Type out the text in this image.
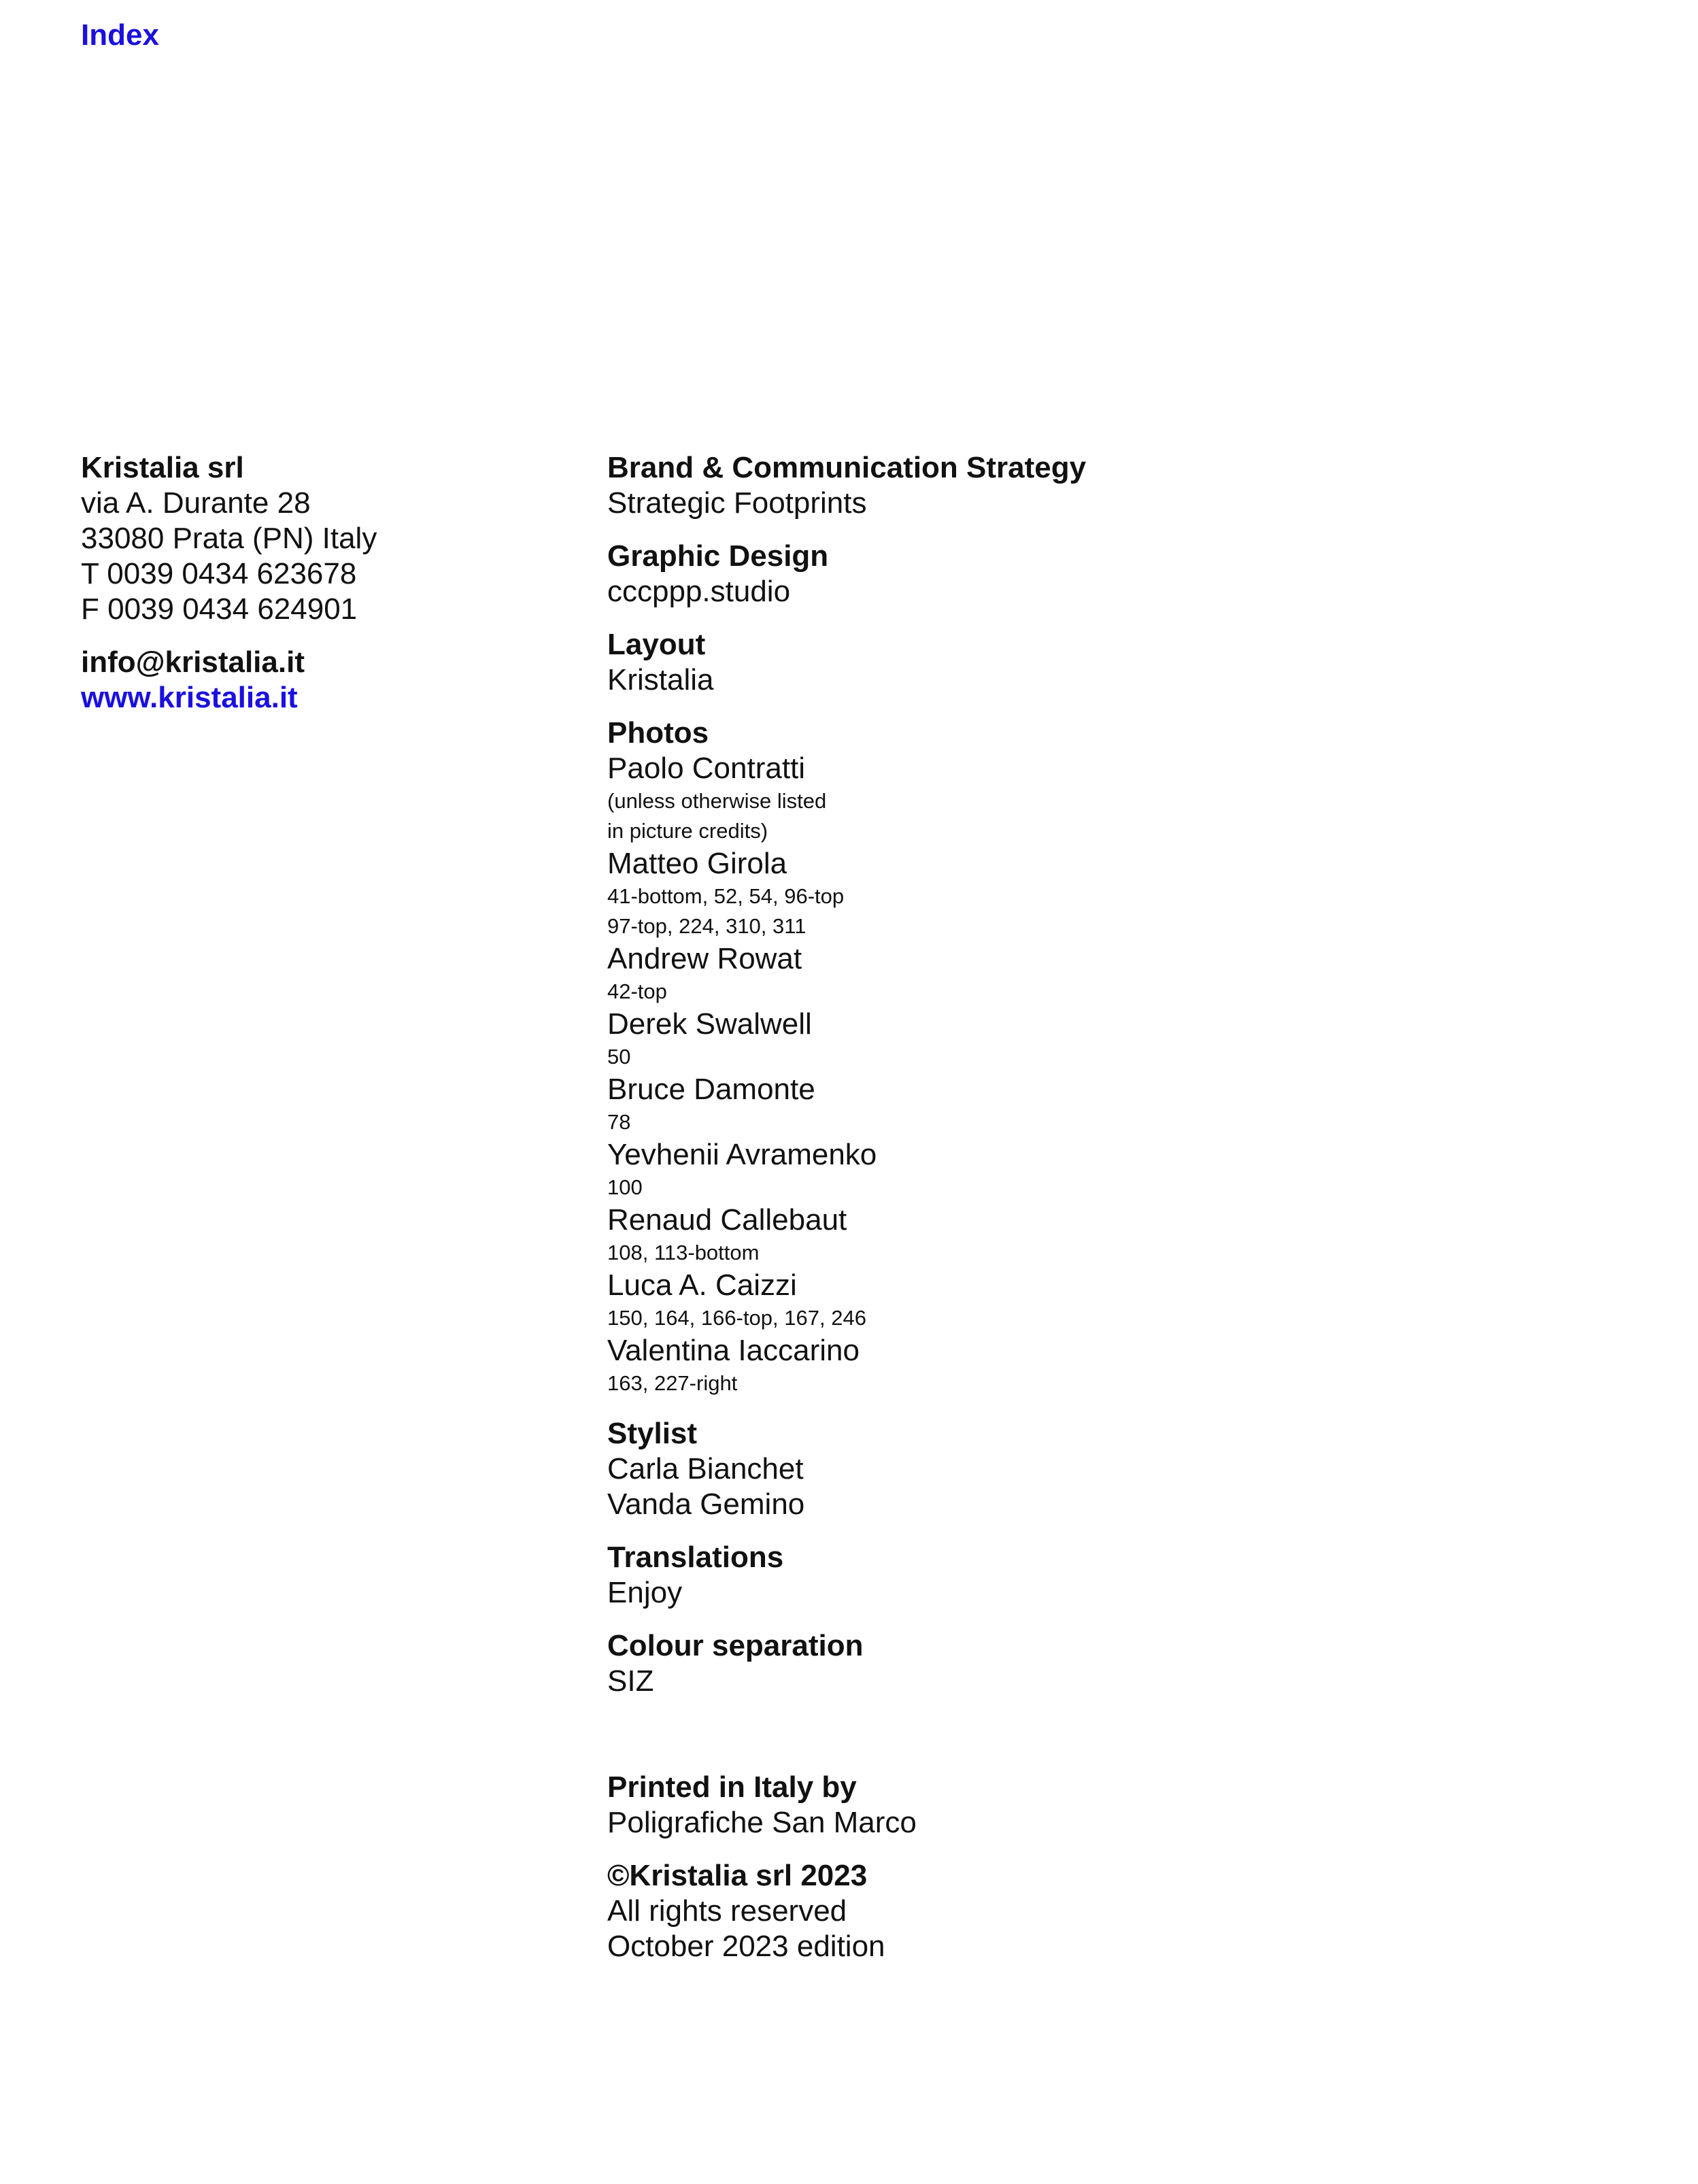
Index
Kristalia srl
via A. Durante 28
33080 Prata (PN) Italy
T 0039 0434 623678
F 0039 0434 624901
info@kristalia.it
www.kristalia.it
Brand & Communication Strategy
Strategic Footprints
Graphic Design
cccppp.studio
Layout
Kristalia
Photos
Paolo Contratti
(unless otherwise listed
in picture credits)
Matteo Girola
41-bottom, 52, 54, 96-top
97-top, 224, 310, 311
Andrew Rowat
42-top
Derek Swalwell
50
Bruce Damonte
78
Yevhenii Avramenko
100
Renaud Callebaut
108, 113-bottom
Luca A. Caizzi
150, 164, 166-top, 167, 246
Valentina Iaccarino
163, 227-right
Stylist
Carla Bianchet
Vanda Gemino
Translations
Enjoy
Colour separation
SIZ
Printed in Italy by
Poligrafiche San Marco
©Kristalia srl 2023
All rights reserved
October 2023 edition
